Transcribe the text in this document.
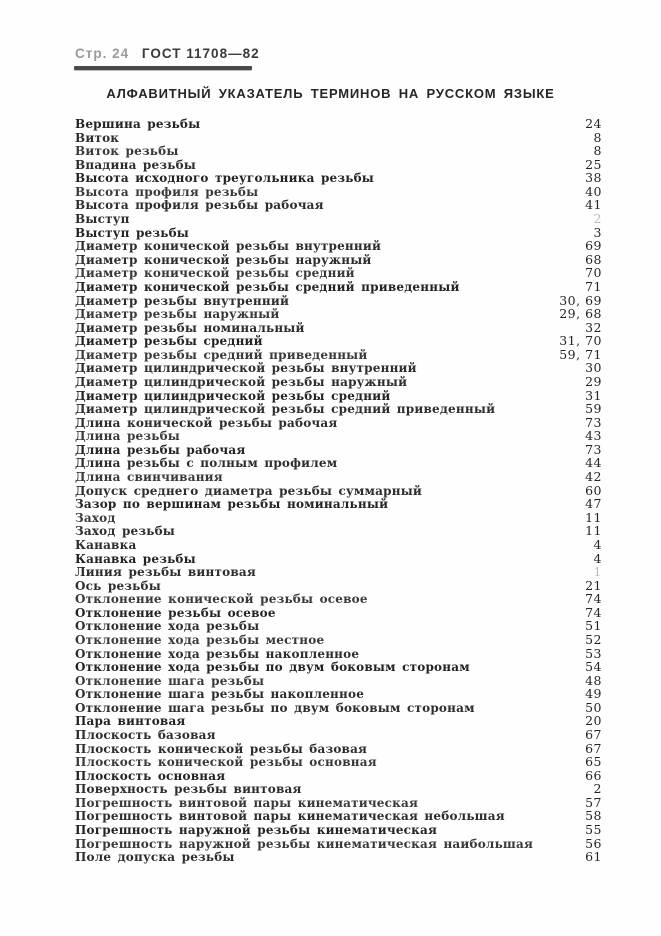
Стр. 24 ГОСТ 11708—82
АЛФАВИТНЫЙ УКАЗАТЕЛЬ ТЕРМИНОВ НА РУССКОМ ЯЗЫКЕ
Вершина резьбы	24
Виток	8
Виток резьбы	8
Впадина резьбы	25
Высота исходного треугольника резьбы	38
Высота профиля резьбы	40
Высота профиля резьбы рабочая	41
Выступ	2
Выступ резьбы	3
Диаметр конической резьбы внутренний	69
Диаметр конической резьбы наружный	68
Диаметр конической резьбы средний	70
Диаметр конической резьбы средний приведенный	71
Диаметр резьбы внутренний	30, 69
Диаметр резьбы наружный	29, 68
Диаметр резьбы номинальный	32
Диаметр резьбы средний	31, 70
Диаметр резьбы средний приведенный	59, 71
Диаметр цилиндрической резьбы внутренний	30
Диаметр цилиндрической резьбы наружный	29
Диаметр цилиндрической резьбы средний	31
Диаметр цилиндрической резьбы средний приведенный	59
Длина конической резьбы рабочая	73
Длина резьбы	43
Длина резьбы рабочая	73
Длина резьбы с полным профилем	44
Длина свинчивания	42
Допуск среднего диаметра резьбы суммарный	60
Зазор по вершинам резьбы номинальный	47
Заход	11
Заход резьбы	11
Канавка	4
Канавка резьбы	4
Линия резьбы винтовая	1
Ось резьбы	21
Отклонение конической резьбы осевое	74
Отклонение резьбы осевое	74
Отклонение хода резьбы	51
Отклонение хода резьбы местное	52
Отклонение хода резьбы накопленное	53
Отклонение хода резьбы по двум боковым сторонам	54
Отклонение шага резьбы	48
Отклонение шага резьбы накопленное	49
Отклонение шага резьбы по двум боковым сторонам	50
Пара винтовая	20
Плоскость базовая	67
Плоскость конической резьбы базовая	67
Плоскость конической резьбы основная	65
Плоскость основная	66
Поверхность резьбы винтовая	2
Погрешность винтовой пары кинематическая	57
Погрешность винтовой пары кинематическая небольшая	58
Погрешность наружной резьбы кинематическая	55
Погрешность наружной резьбы кинематическая наибольшая	56
Поле допуска резьбы	61
